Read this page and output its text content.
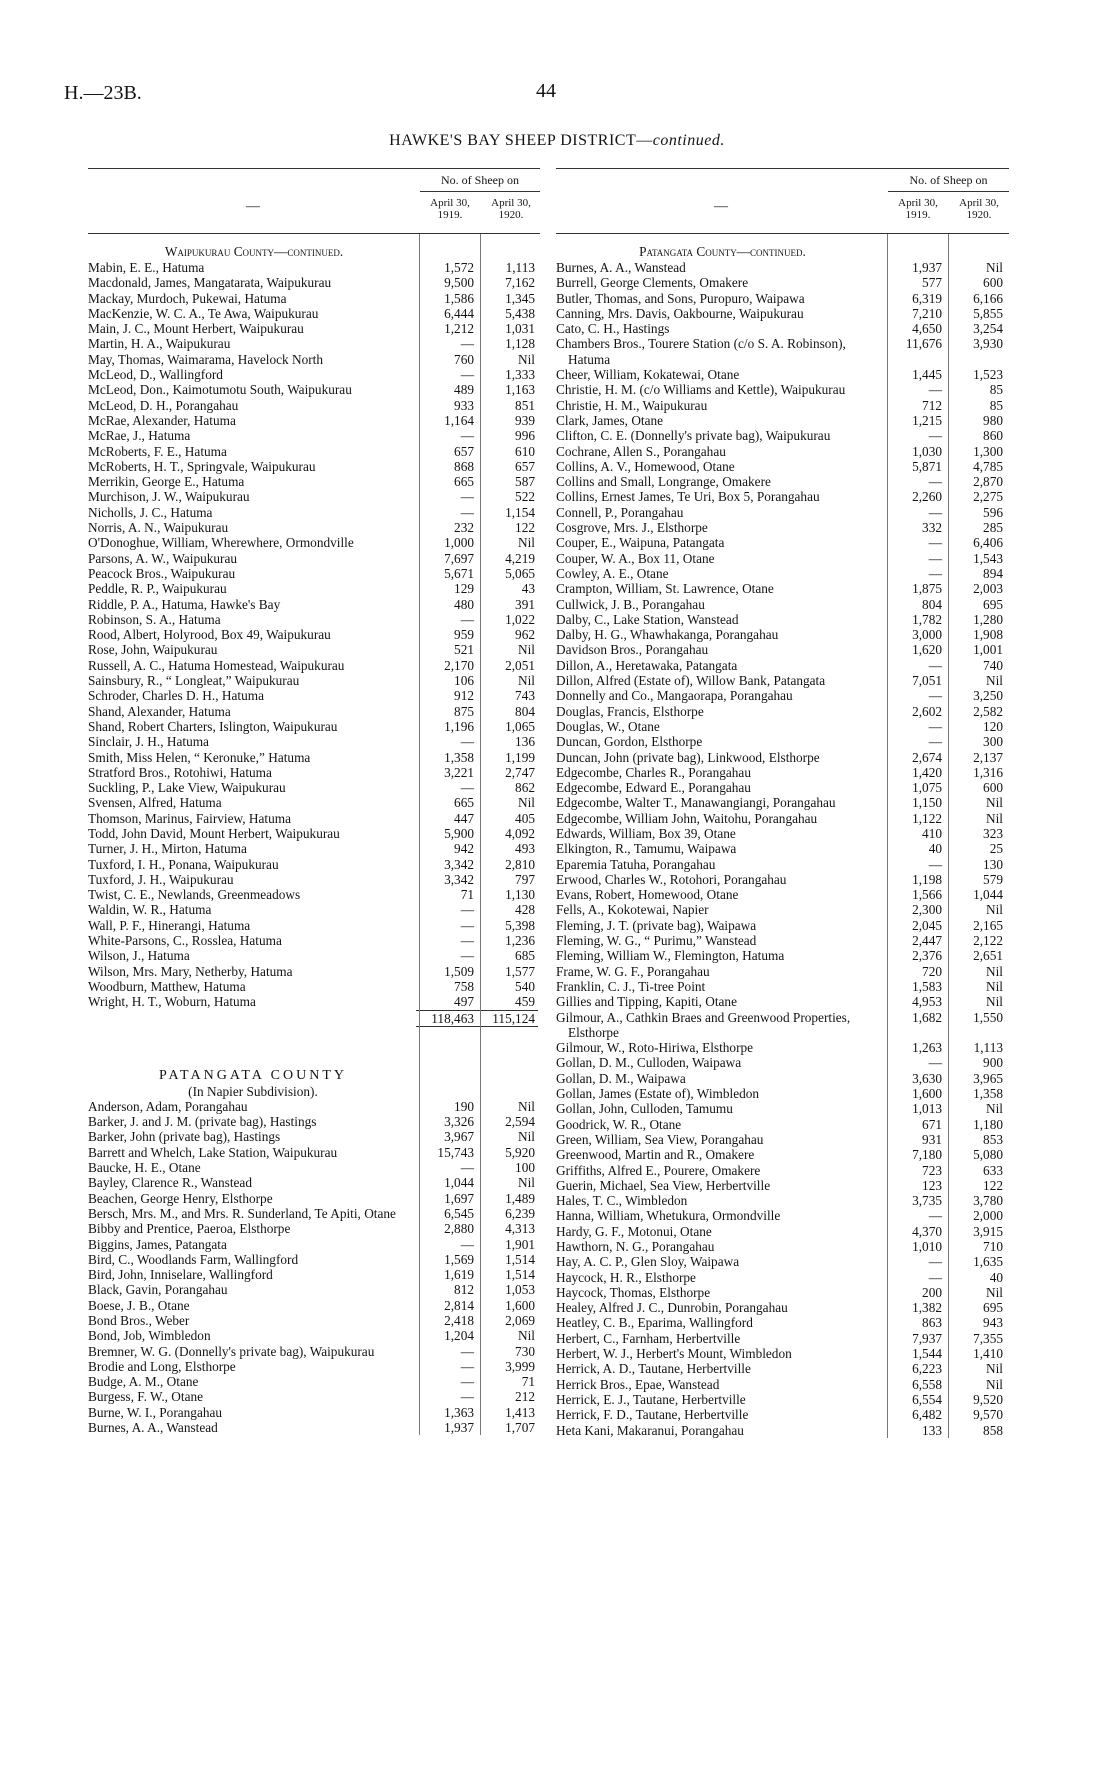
H.—23B.	44
HAWKE'S BAY SHEEP DISTRICT—continued.
—
No. of Sheep on
April 30, 1919.
April 30, 1920.
Waipukurau County—continued.
Mabin, E. E., Hatuma	1,572	1,113
Macdonald, James, Mangatarata, Waipukurau	9,500	7,162
Mackay, Murdoch, Pukewai, Hatuma	1,586	1,345
MacKenzie, W. C. A., Te Awa, Waipukurau	6,444	5,438
Main, J. C., Mount Herbert, Waipukurau	1,212	1,031
Martin, H. A., Waipukurau	—	1,128
May, Thomas, Waimarama, Havelock North	760	Nil
McLeod, D., Wallingford	—	1,333
McLeod, Don., Kaimotumotu South, Waipukurau	489	1,163
McLeod, D. H., Porangahau	933	851
McRae, Alexander, Hatuma	1,164	939
McRae, J., Hatuma	—	996
McRoberts, F. E., Hatuma	657	610
McRoberts, H. T., Springvale, Waipukurau	868	657
Merrikin, George E., Hatuma	665	587
Murchison, J. W., Waipukurau	—	522
Nicholls, J. C., Hatuma	—	1,154
Norris, A. N., Waipukurau	232	122
O'Donoghue, William, Wherewhere, Ormondville	1,000	Nil
Parsons, A. W., Waipukurau	7,697	4,219
Peacock Bros., Waipukurau	5,671	5,065
Peddle, R. P., Waipukurau	129	43
Riddle, P. A., Hatuma, Hawke's Bay	480	391
Robinson, S. A., Hatuma	—	1,022
Rood, Albert, Holyrood, Box 49, Waipukurau	959	962
Rose, John, Waipukurau	521	Nil
Russell, A. C., Hatuma Homestead, Waipukurau	2,170	2,051
Sainsbury, R., “ Longleat,” Waipukurau	106	Nil
Schroder, Charles D. H., Hatuma	912	743
Shand, Alexander, Hatuma	875	804
Shand, Robert Charters, Islington, Waipukurau	1,196	1,065
Sinclair, J. H., Hatuma	—	136
Smith, Miss Helen, “ Keronuke,” Hatuma	1,358	1,199
Stratford Bros., Rotohiwi, Hatuma	3,221	2,747
Suckling, P., Lake View, Waipukurau	—	862
Svensen, Alfred, Hatuma	665	Nil
Thomson, Marinus, Fairview, Hatuma	447	405
Todd, John David, Mount Herbert, Waipukurau	5,900	4,092
Turner, J. H., Mirton, Hatuma	942	493
Tuxford, I. H., Ponana, Waipukurau	3,342	2,810
Tuxford, J. H., Waipukurau	3,342	797
Twist, C. E., Newlands, Greenmeadows	71	1,130
Waldin, W. R., Hatuma	—	428
Wall, P. F., Hinerangi, Hatuma	—	5,398
White-Parsons, C., Rosslea, Hatuma	—	1,236
Wilson, J., Hatuma	—	685
Wilson, Mrs. Mary, Netherby, Hatuma	1,509	1,577
Woodburn, Matthew, Hatuma	758	540
Wright, H. T., Woburn, Hatuma	497	459
118,463	115,124
PATANGATA COUNTY
(In Napier Subdivision).
Anderson, Adam, Porangahau	190	Nil
Barker, J. and J. M. (private bag), Hastings	3,326	2,594
Barker, John (private bag), Hastings	3,967	Nil
Barrett and Whelch, Lake Station, Waipukurau	15,743	5,920
Baucke, H. E., Otane	—	100
Bayley, Clarence R., Wanstead	1,044	Nil
Beachen, George Henry, Elsthorpe	1,697	1,489
Bersch, Mrs. M., and Mrs. R. Sunderland, Te Apiti, Otane	6,545	6,239
Bibby and Prentice, Paeroa, Elsthorpe	2,880	4,313
Biggins, James, Patangata	—	1,901
Bird, C., Woodlands Farm, Wallingford	1,569	1,514
Bird, John, Inniselare, Wallingford	1,619	1,514
Black, Gavin, Porangahau	812	1,053
Boese, J. B., Otane	2,814	1,600
Bond Bros., Weber	2,418	2,069
Bond, Job, Wimbledon	1,204	Nil
Bremner, W. G. (Donnelly's private bag), Waipukurau	—	730
Brodie and Long, Elsthorpe	—	3,999
Budge, A. M., Otane	—	71
Burgess, F. W., Otane	—	212
Burne, W. I., Porangahau	1,363	1,413
Burnes, A. A., Wanstead	1,937	1,707
—
No. of Sheep on
April 30, 1919.
April 30, 1920.
Patangata County—continued.
Burnes, A. A., Wanstead	1,937	Nil
Burrell, George Clements, Omakere	577	600
Butler, Thomas, and Sons, Puropuro, Waipawa	6,319	6,166
Canning, Mrs. Davis, Oakbourne, Waipukurau	7,210	5,855
Cato, C. H., Hastings	4,650	3,254
Chambers Bros., Tourere Station (c/o S. A. Robinson), Hatuma
11,676	3,930
Cheer, William, Kokatewai, Otane	1,445	1,523
Christie, H. M. (c/o Williams and Kettle), Waipukurau	—	85
Christie, H. M., Waipukurau	712	85
Clark, James, Otane	1,215	980
Clifton, C. E. (Donnelly's private bag), Waipukurau	—	860
Cochrane, Allen S., Porangahau	1,030	1,300
Collins, A. V., Homewood, Otane	5,871	4,785
Collins and Small, Longrange, Omakere	—	2,870
Collins, Ernest James, Te Uri, Box 5, Porangahau	2,260	2,275
Connell, P., Porangahau	—	596
Cosgrove, Mrs. J., Elsthorpe	332	285
Couper, E., Waipuna, Patangata	—	6,406
Couper, W. A., Box 11, Otane	—	1,543
Cowley, A. E., Otane	—	894
Crampton, William, St. Lawrence, Otane	1,875	2,003
Cullwick, J. B., Porangahau	804	695
Dalby, C., Lake Station, Wanstead	1,782	1,280
Dalby, H. G., Whawhakanga, Porangahau	3,000	1,908
Davidson Bros., Porangahau	1,620	1,001
Dillon, A., Heretawaka, Patangata	—	740
Dillon, Alfred (Estate of), Willow Bank, Patangata	7,051	Nil
Donnelly and Co., Mangaorapa, Porangahau	—	3,250
Douglas, Francis, Elsthorpe	2,602	2,582
Douglas, W., Otane	—	120
Duncan, Gordon, Elsthorpe	—	300
Duncan, John (private bag), Linkwood, Elsthorpe	2,674	2,137
Edgecombe, Charles R., Porangahau	1,420	1,316
Edgecombe, Edward E., Porangahau	1,075	600
Edgecombe, Walter T., Manawangiangi, Porangahau	1,150	Nil
Edgecombe, William John, Waitohu, Porangahau	1,122	Nil
Edwards, William, Box 39, Otane	410	323
Elkington, R., Tamumu, Waipawa	40	25
Eparemia Tatuha, Porangahau	—	130
Erwood, Charles W., Rotohori, Porangahau	1,198	579
Evans, Robert, Homewood, Otane	1,566	1,044
Fells, A., Kokotewai, Napier	2,300	Nil
Fleming, J. T. (private bag), Waipawa	2,045	2,165
Fleming, W. G., “ Purimu,” Wanstead	2,447	2,122
Fleming, William W., Flemington, Hatuma	2,376	2,651
Frame, W. G. F., Porangahau	720	Nil
Franklin, C. J., Ti-tree Point	1,583	Nil
Gillies and Tipping, Kapiti, Otane	4,953	Nil
Gilmour, A., Cathkin Braes and Greenwood Properties, Elsthorpe
1,682	1,550
Gilmour, W., Roto-Hiriwa, Elsthorpe	1,263	1,113
Gollan, D. M., Culloden, Waipawa	—	900
Gollan, D. M., Waipawa	3,630	3,965
Gollan, James (Estate of), Wimbledon	1,600	1,358
Gollan, John, Culloden, Tamumu	1,013	Nil
Goodrick, W. R., Otane	671	1,180
Green, William, Sea View, Porangahau	931	853
Greenwood, Martin and R., Omakere	7,180	5,080
Griffiths, Alfred E., Pourere, Omakere	723	633
Guerin, Michael, Sea View, Herbertville	123	122
Hales, T. C., Wimbledon	3,735	3,780
Hanna, William, Whetukura, Ormondville	—	2,000
Hardy, G. F., Motonui, Otane	4,370	3,915
Hawthorn, N. G., Porangahau	1,010	710
Hay, A. C. P., Glen Sloy, Waipawa	—	1,635
Haycock, H. R., Elsthorpe	—	40
Haycock, Thomas, Elsthorpe	200	Nil
Healey, Alfred J. C., Dunrobin, Porangahau	1,382	695
Heatley, C. B., Eparima, Wallingford	863	943
Herbert, C., Farnham, Herbertville	7,937	7,355
Herbert, W. J., Herbert's Mount, Wimbledon	1,544	1,410
Herrick, A. D., Tautane, Herbertville	6,223	Nil
Herrick Bros., Epae, Wanstead	6,558	Nil
Herrick, E. J., Tautane, Herbertville	6,554	9,520
Herrick, F. D., Tautane, Herbertville	6,482	9,570
Heta Kani, Makaranui, Porangahau	133	858
